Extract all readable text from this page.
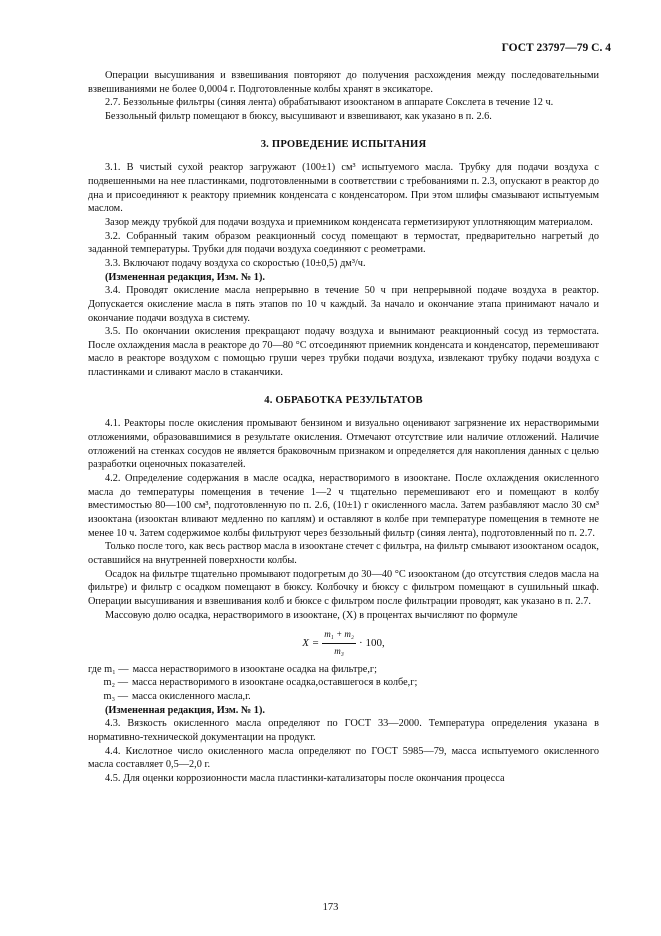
ГОСТ 23797—79 С. 4

Операции высушивания и взвешивания повторяют до получения расхождения между последовательными взвешиваниями не более 0,0004 г. Подготовленные колбы хранят в эксикаторе.

2.7. Беззольные фильтры (синяя лента) обрабатывают изооктаном в аппарате Сокслета в течение 12 ч.

Беззольный фильтр помещают в бюксу, высушивают и взвешивают, как указано в п. 2.6.

3. ПРОВЕДЕНИЕ ИСПЫТАНИЯ

3.1. В чистый сухой реактор загружают (100±1) см³ испытуемого масла. Трубку для подачи воздуха с подвешенными на нее пластинками, подготовленными в соответствии с требованиями п. 2.3, опускают в реактор до дна и присоединяют к реактору приемник конденсата с конденсатором. При этом шлифы смазывают испытуемым маслом.

Зазор между трубкой для подачи воздуха и приемником конденсата герметизируют уплотняющим материалом.

3.2. Собранный таким образом реакционный сосуд помещают в термостат, предварительно нагретый до заданной температуры. Трубки для подачи воздуха соединяют с реометрами.

3.3. Включают подачу воздуха со скоростью (10±0,5) дм³/ч.

(Измененная редакция, Изм. № 1).

3.4. Проводят окисление масла непрерывно в течение 50 ч при непрерывной подаче воздуха в реактор. Допускается окисление масла в пять этапов по 10 ч каждый. За начало и окончание этапа принимают начало и окончание подачи воздуха в систему.

3.5. По окончании окисления прекращают подачу воздуха и вынимают реакционный сосуд из термостата. После охлаждения масла в реакторе до 70—80 °С отсоединяют приемник конденсата и конденсатор, перемешивают масло в реакторе воздухом с помощью груши через трубки подачи воздуха, извлекают трубку подачи воздуха с пластинками и сливают масло в стаканчики.

4. ОБРАБОТКА РЕЗУЛЬТАТОВ

4.1. Реакторы после окисления промывают бензином и визуально оценивают загрязнение их нерастворимыми отложениями, образовавшимися в результате окисления. Отмечают отсутствие или наличие отложений. Наличие отложений на стенках сосудов не является браковочным признаком и определяется для накопления данных с целью разработки оценочных показателей.

4.2. Определение содержания в масле осадка, нерастворимого в изооктане. После охлаждения окисленного масла до температуры помещения в течение 1—2 ч тщательно перемешивают его и помещают в колбу вместимостью 80—100 см³, подготовленную по п. 2.6, (10±1) г окисленного масла. Затем разбавляют масло 30 см³ изооктана (изооктан вливают медленно по каплям) и оставляют в колбе при температуре помещения в темноте не менее 10 ч. Затем содержимое колбы фильтруют через беззольный фильтр (синяя лента), подготовленный по п. 2.7.

Только после того, как весь раствор масла в изооктане стечет с фильтра, на фильтр смывают изооктаном осадок, оставшийся на внутренней поверхности колбы.

Осадок на фильтре тщательно промывают подогретым до 30—40 °С изооктаном (до отсутствия следов масла на фильтре) и фильтр с осадком помещают в бюксу. Колбочку и бюксу с фильтром помещают в сушильный шкаф. Операции высушивания и взвешивания колб и бюксе с фильтром после фильтрации проводят, как указано в п. 2.7.

Массовую долю осадка, нерастворимого в изооктане, (X) в процентах вычисляют по формуле

$X = \frac{\text{m₁ + m₂}}{\text{m₃}} \cdot 100$,
где m₁ — масса нерастворимого в изооктане осадка на фильтре,г;
m₂ — масса нерастворимого в изооктане осадка,оставшегося в колбе,г;
m₃ — масса окисленного масла,г.

(Измененная редакция, Изм. № 1).

4.3. Вязкость окисленного масла определяют по ГОСТ 33—2000. Температура определения указана в нормативно-технической документации на продукт.

4.4. Кислотное число окисленного масла определяют по ГОСТ 5985—79, масса испытуемого окисленного масла составляет 0,5—2,0 г.

4.5. Для оценки коррозионности масла пластинки-катализаторы после окончания процесса

173
